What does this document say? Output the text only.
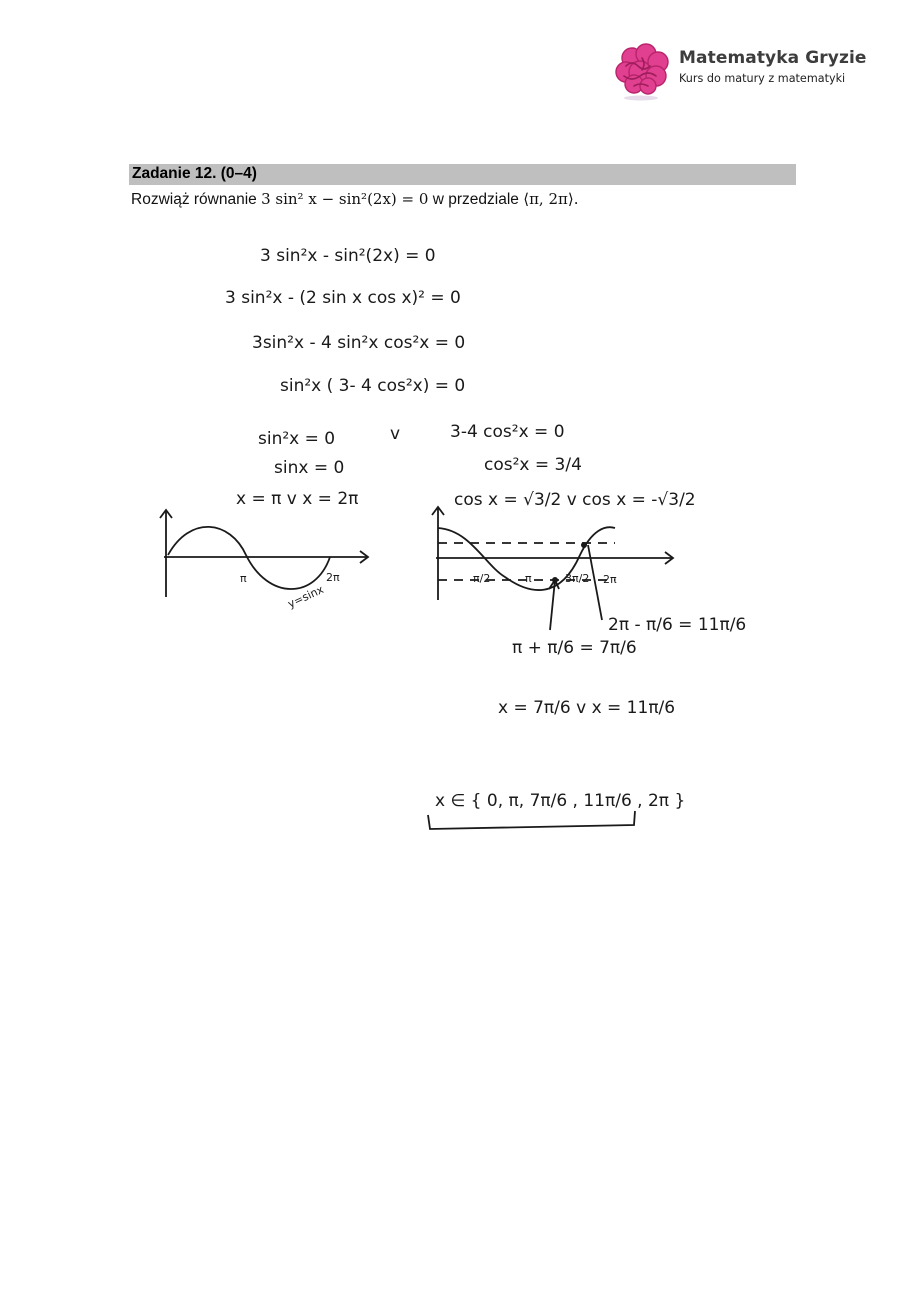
Matematyka Gryzie
Kurs do matury z matematyki
Zadanie 12. (0–4)
Rozwiąż równanie 3 sin² x − sin²(2x) = 0 w przedziale ⟨π, 2π⟩.
3 sin²x - sin²(2x) = 0
3 sin²x - (2 sin x cos x)² = 0
3sin²x - 4 sin²x cos²x = 0
sin²x ( 3- 4 cos²x) = 0
sin²x = 0
sinx = 0
x = π v x = 2π
v	3-4 cos²x = 0
cos²x = 3/4
cos x = √3/2 v cos x = -√3/2
π	2π
y=sinx
π/2	π	3π/2 2π
π + π/6 = 7π/6
2π - π/6 = 11π/6
x = 7π/6 v x = 11π/6
x ∈ { 0, π, 7π/6 , 11π/6 , 2π }
